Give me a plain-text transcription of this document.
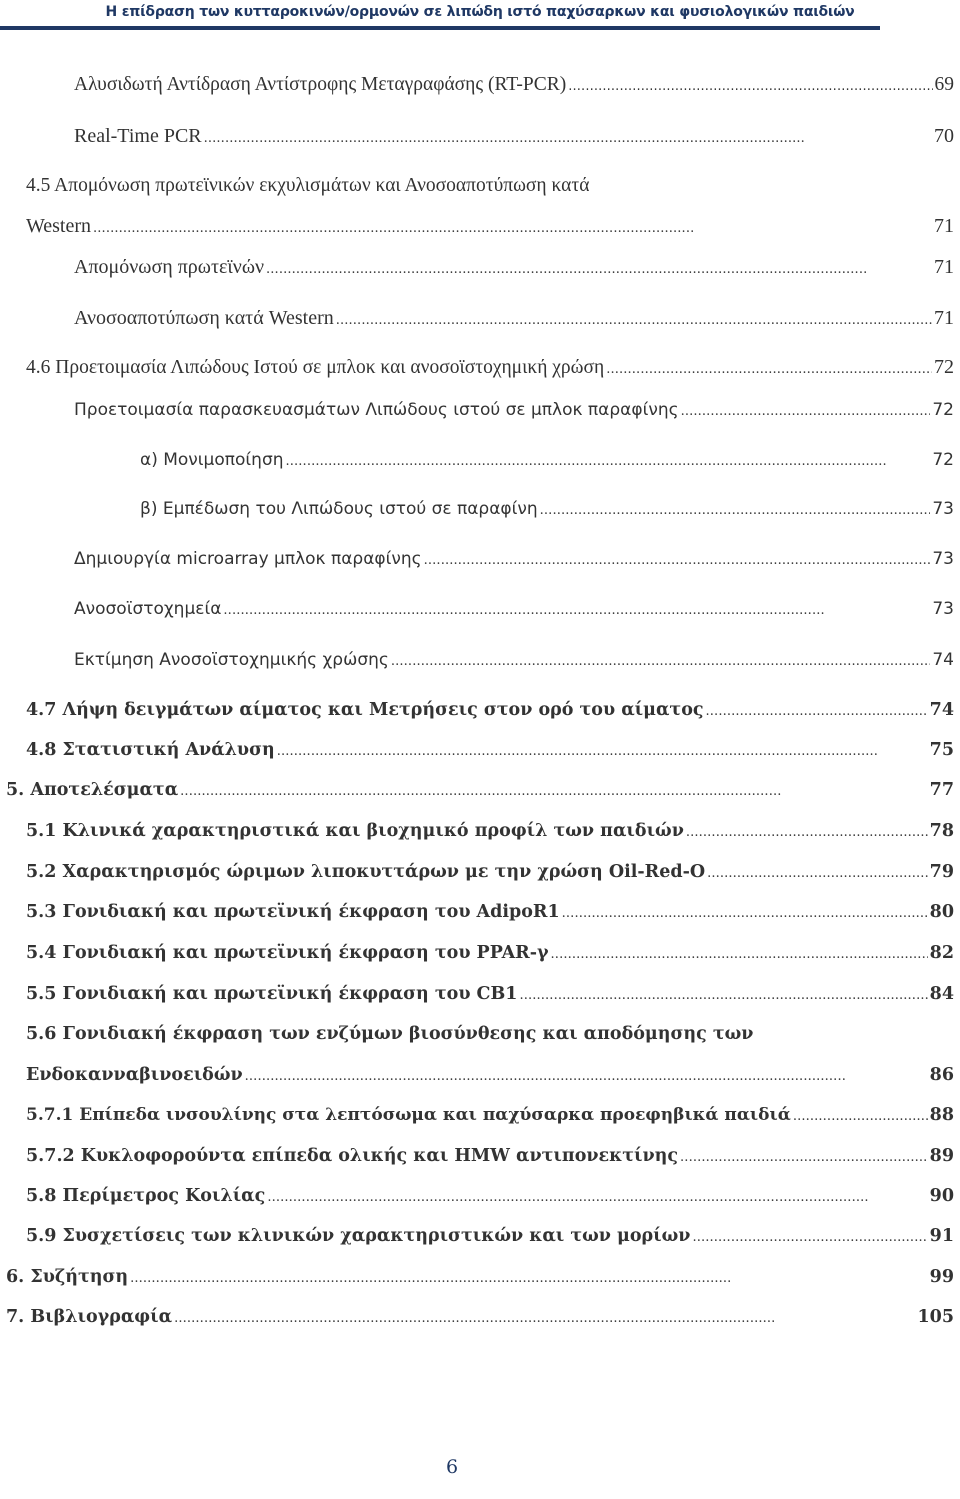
Η επίδραση των κυτταροκινών/ορμονών σε λιπώδη ιστό παχύσαρκων και φυσιολογικών παιδιών
Αλυσιδωτή Αντίδραση Αντίστροφης Μεταγραφάσης (RT-PCR) . . .	69
Real-Time PCR . . .	70
4.5 Απομόνωση πρωτεϊνικών εκχυλισμάτων και Ανοσοαποτύπωση κατά
Western . . .	71
Απομόνωση πρωτεϊνών . . .	71
Ανοσοαποτύπωση κατά Western . . .	71
4.6 Προετοιμασία Λιπώδους Ιστού σε μπλοκ και ανοσοϊστοχημική χρώση . . .	72
Προετοιμασία παρασκευασμάτων Λιπώδους ιστού σε μπλοκ παραφίνης . . .	72
α) Μονιμοποίηση . . .	72
β) Εμπέδωση του Λιπώδους ιστού σε παραφίνη . . .	73
Δημιουργία microarray μπλοκ παραφίνης . . .	73
Ανοσοϊστοχημεία . . .	73
Εκτίμηση Ανοσοϊστοχημικής χρώσης . . .	74
4.7 Λήψη δειγμάτων αίματος και Μετρήσεις στον ορό του αίματος . . .	74
4.8 Στατιστική Ανάλυση . . .	75
5. Αποτελέσματα . . .	77
5.1 Κλινικά χαρακτηριστικά και βιοχημικό προφίλ των παιδιών . . .	78
5.2 Χαρακτηρισμός ώριμων λιποκυττάρων με την χρώση Oil-Red-O . . .	79
5.3 Γονιδιακή και πρωτεϊνική έκφραση του AdipoR1 . . .	80
5.4 Γονιδιακή και πρωτεϊνική έκφραση του PPAR-γ . . .	82
5.5 Γονιδιακή και πρωτεϊνική έκφραση του CB1 . . .	84
5.6 Γονιδιακή έκφραση των ενζύμων βιοσύνθεσης και αποδόμησης των
Ενδοκανναβινοειδών . . .	86
5.7.1 Επίπεδα ινσουλίνης στα λεπτόσωμα και παχύσαρκα προεφηβικά παιδιά . . .	88
5.7.2 Κυκλοφορούντα επίπεδα ολικής και HMW αντιπονεκτίνης . . .	89
5.8 Περίμετρος Κοιλίας . . .	90
5.9 Συσχετίσεις των κλινικών χαρακτηριστικών και των μορίων . . .	91
6. Συζήτηση . . .	99
7. Βιβλιογραφία . . .	105
6
